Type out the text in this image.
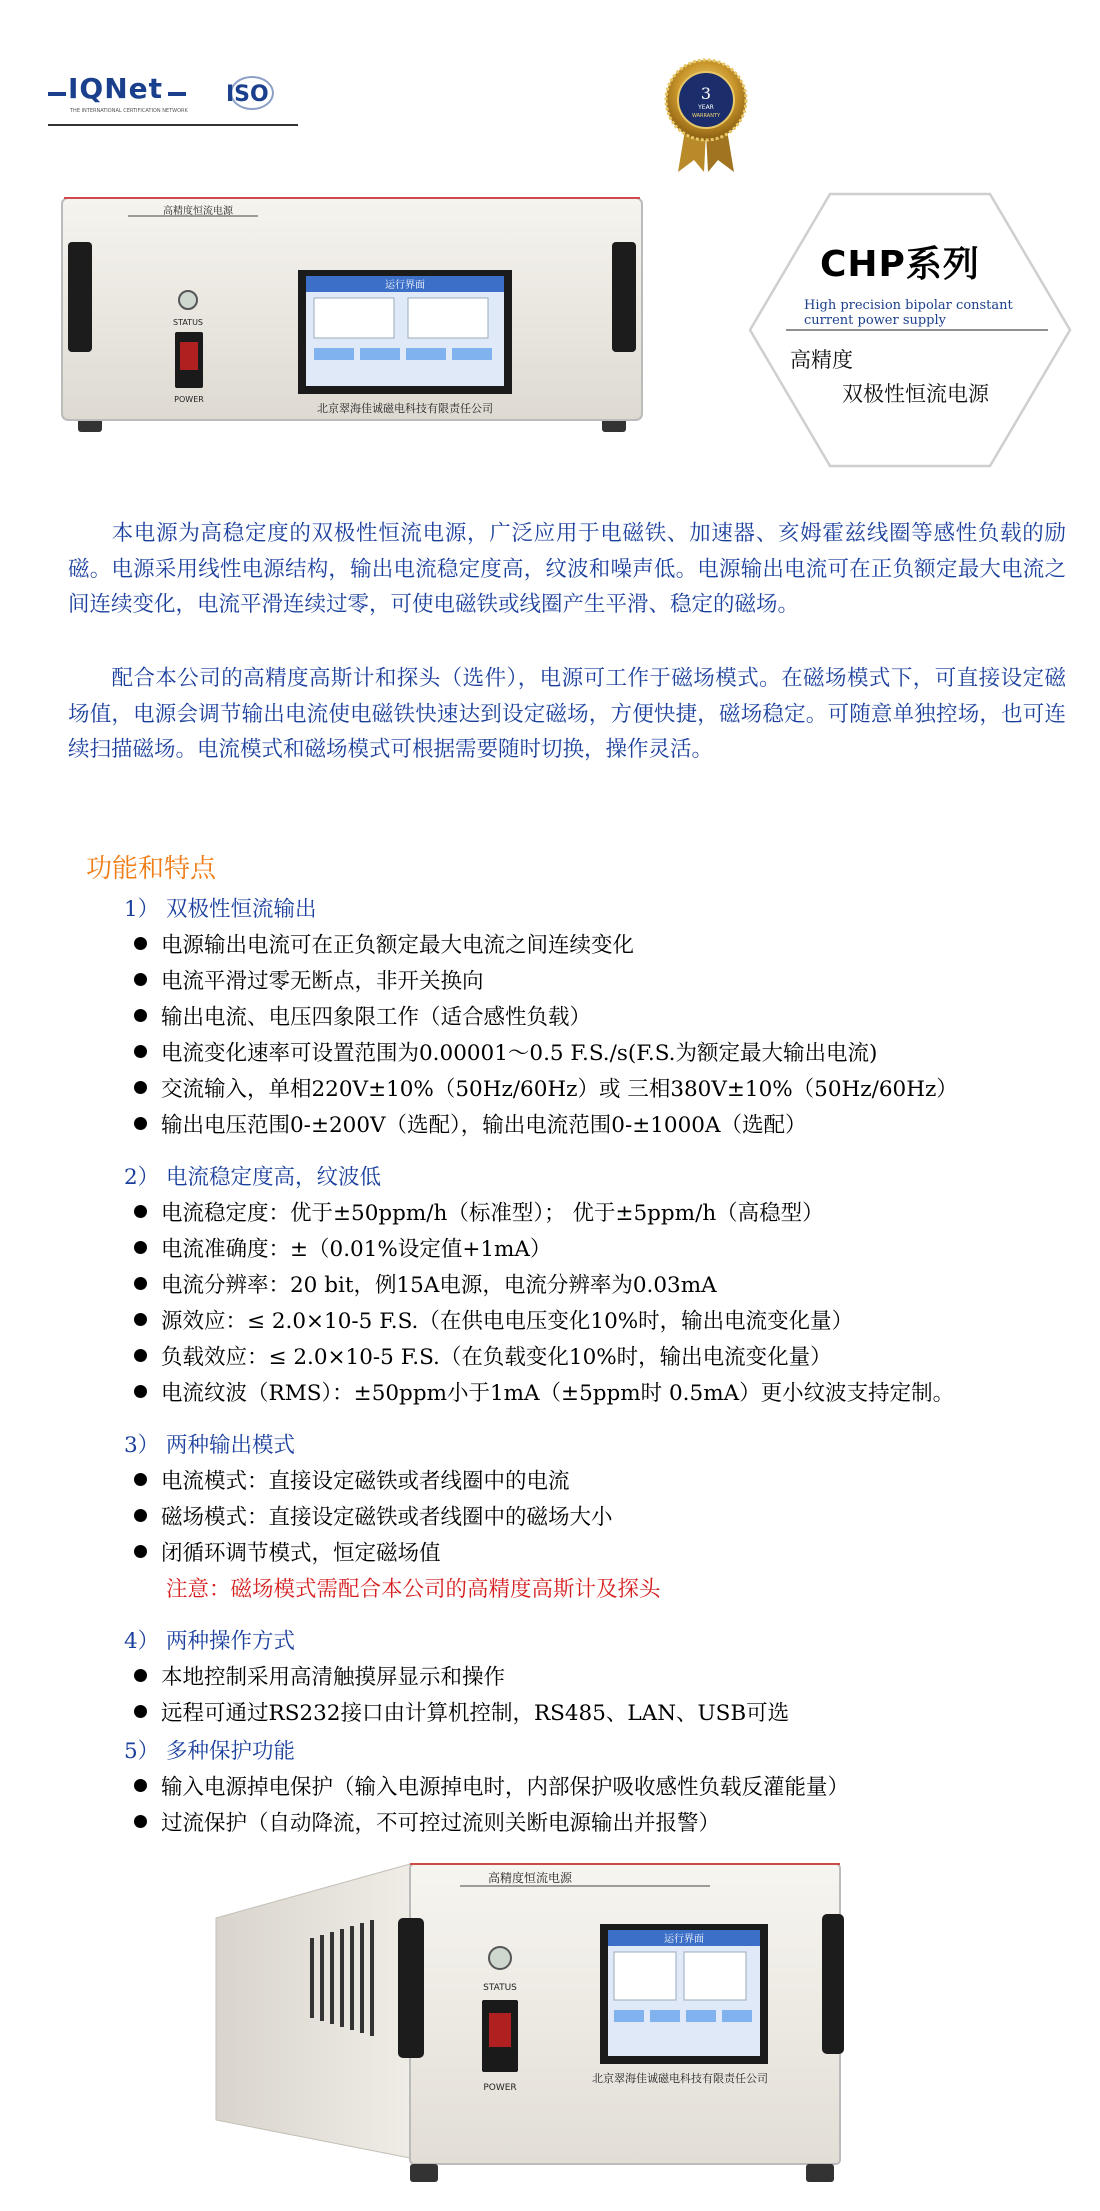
IQNet
THE INTERNATIONAL CERTIFICATION NETWORK
ISO	3
YEAR
WARRANTY
高精度恒流电源
STATUS
POWER
运行界面
北京翠海佳诚磁电科技有限责任公司
CHP系列
High precision bipolar constant current power supply
高精度
双极性恒流电源
本电源为高稳定度的双极性恒流电源，广泛应用于电磁铁、加速器、亥姆霍兹线圈等感性负载的励磁。电源采用线性电源结构，输出电流稳定度高，纹波和噪声低。电源输出电流可在正负额定最大电流之间连续变化，电流平滑连续过零，可使电磁铁或线圈产生平滑、稳定的磁场。
配合本公司的高精度高斯计和探头（选件），电源可工作于磁场模式。在磁场模式下，可直接设定磁场值，电源会调节输出电流使电磁铁快速达到设定磁场，方便快捷，磁场稳定。可随意单独控场，也可连续扫描磁场。电流模式和磁场模式可根据需要随时切换，操作灵活。
功能和特点
1） 双极性恒流输出
电源输出电流可在正负额定最大电流之间连续变化
电流平滑过零无断点，非开关换向
输出电流、电压四象限工作（适合感性负载）
电流变化速率可设置范围为0.00001～0.5 F.S./s(F.S.为额定最大输出电流)
交流输入，单相220V±10%（50Hz/60Hz）或 三相380V±10%（50Hz/60Hz）
输出电压范围0-±200V（选配），输出电流范围0-±1000A（选配）
2） 电流稳定度高，纹波低
电流稳定度：优于±50ppm/h（标准型）； 优于±5ppm/h（高稳型）
电流准确度：±（0.01%设定值+1mA）
电流分辨率：20 bit，例15A电源，电流分辨率为0.03mA
源效应：≤ 2.0×10-5 F.S.（在供电电压变化10%时，输出电流变化量）
负载效应：≤ 2.0×10-5 F.S.（在负载变化10%时，输出电流变化量）
电流纹波（RMS）：±50ppm小于1mA（±5ppm时 0.5mA）更小纹波支持定制。
3） 两种输出模式
电流模式：直接设定磁铁或者线圈中的电流
磁场模式：直接设定磁铁或者线圈中的磁场大小
闭循环调节模式，恒定磁场值
注意：磁场模式需配合本公司的高精度高斯计及探头
4） 两种操作方式
本地控制采用高清触摸屏显示和操作
远程可通过RS232接口由计算机控制，RS485、LAN、USB可选
5） 多种保护功能
输入电源掉电保护（输入电源掉电时，内部保护吸收感性负载反灌能量）
过流保护（自动降流，不可控过流则关断电源输出并报警）
高精度恒流电源
STATUS
POWER
运行界面
北京翠海佳诚磁电科技有限责任公司
